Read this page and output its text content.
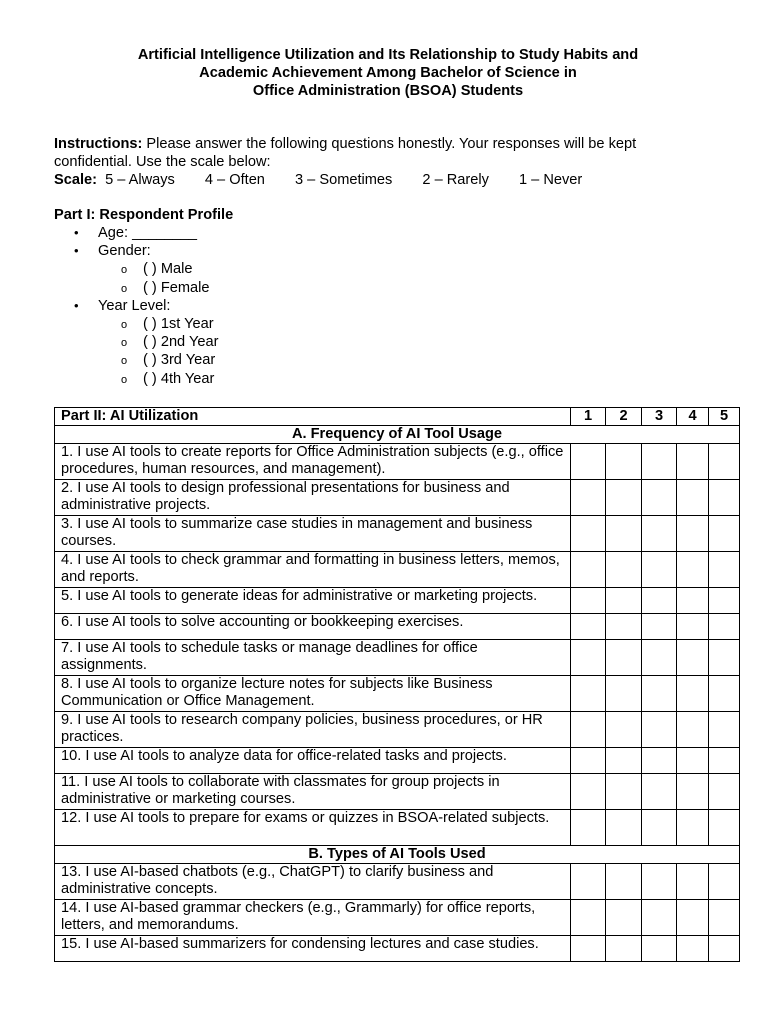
Artificial Intelligence Utilization and Its Relationship to Study Habits and
Academic Achievement Among Bachelor of Science in
Office Administration (BSOA) Students
Instructions: Please answer the following questions honestly. Your responses will be kept confidential. Use the scale below:
Scale: 5 – Always 4 – Often 3 – Sometimes 2 – Rarely 1 – Never
Part I: Respondent Profile
• Age: ________
• Gender:
o ( ) Male
o ( ) Female
• Year Level:
o ( ) 1st Year
o ( ) 2nd Year
o ( ) 3rd Year
o ( ) 4th Year
Part II: AI Utilization	1	2	3	4	5
A. Frequency of AI Tool Usage					
1. I use AI tools to create reports for Office Administration subjects (e.g., office procedures, human resources, and management).					
2. I use AI tools to design professional presentations for business and administrative projects.					
3. I use AI tools to summarize case studies in management and business courses.					
4. I use AI tools to check grammar and formatting in business letters, memos, and reports.					
5. I use AI tools to generate ideas for administrative or marketing projects.					
6. I use AI tools to solve accounting or bookkeeping exercises.					
7. I use AI tools to schedule tasks or manage deadlines for office assignments.					
8. I use AI tools to organize lecture notes for subjects like Business Communication or Office Management.					
9. I use AI tools to research company policies, business procedures, or HR practices.					
10. I use AI tools to analyze data for office-related tasks and projects.					
11. I use AI tools to collaborate with classmates for group projects in administrative or marketing courses.					
12. I use AI tools to prepare for exams or quizzes in BSOA-related subjects.					
B. Types of AI Tools Used					
13. I use AI-based chatbots (e.g., ChatGPT) to clarify business and administrative concepts.					
14. I use AI-based grammar checkers (e.g., Grammarly) for office reports, letters, and memorandums.					
15. I use AI-based summarizers for condensing lectures and case studies.					
